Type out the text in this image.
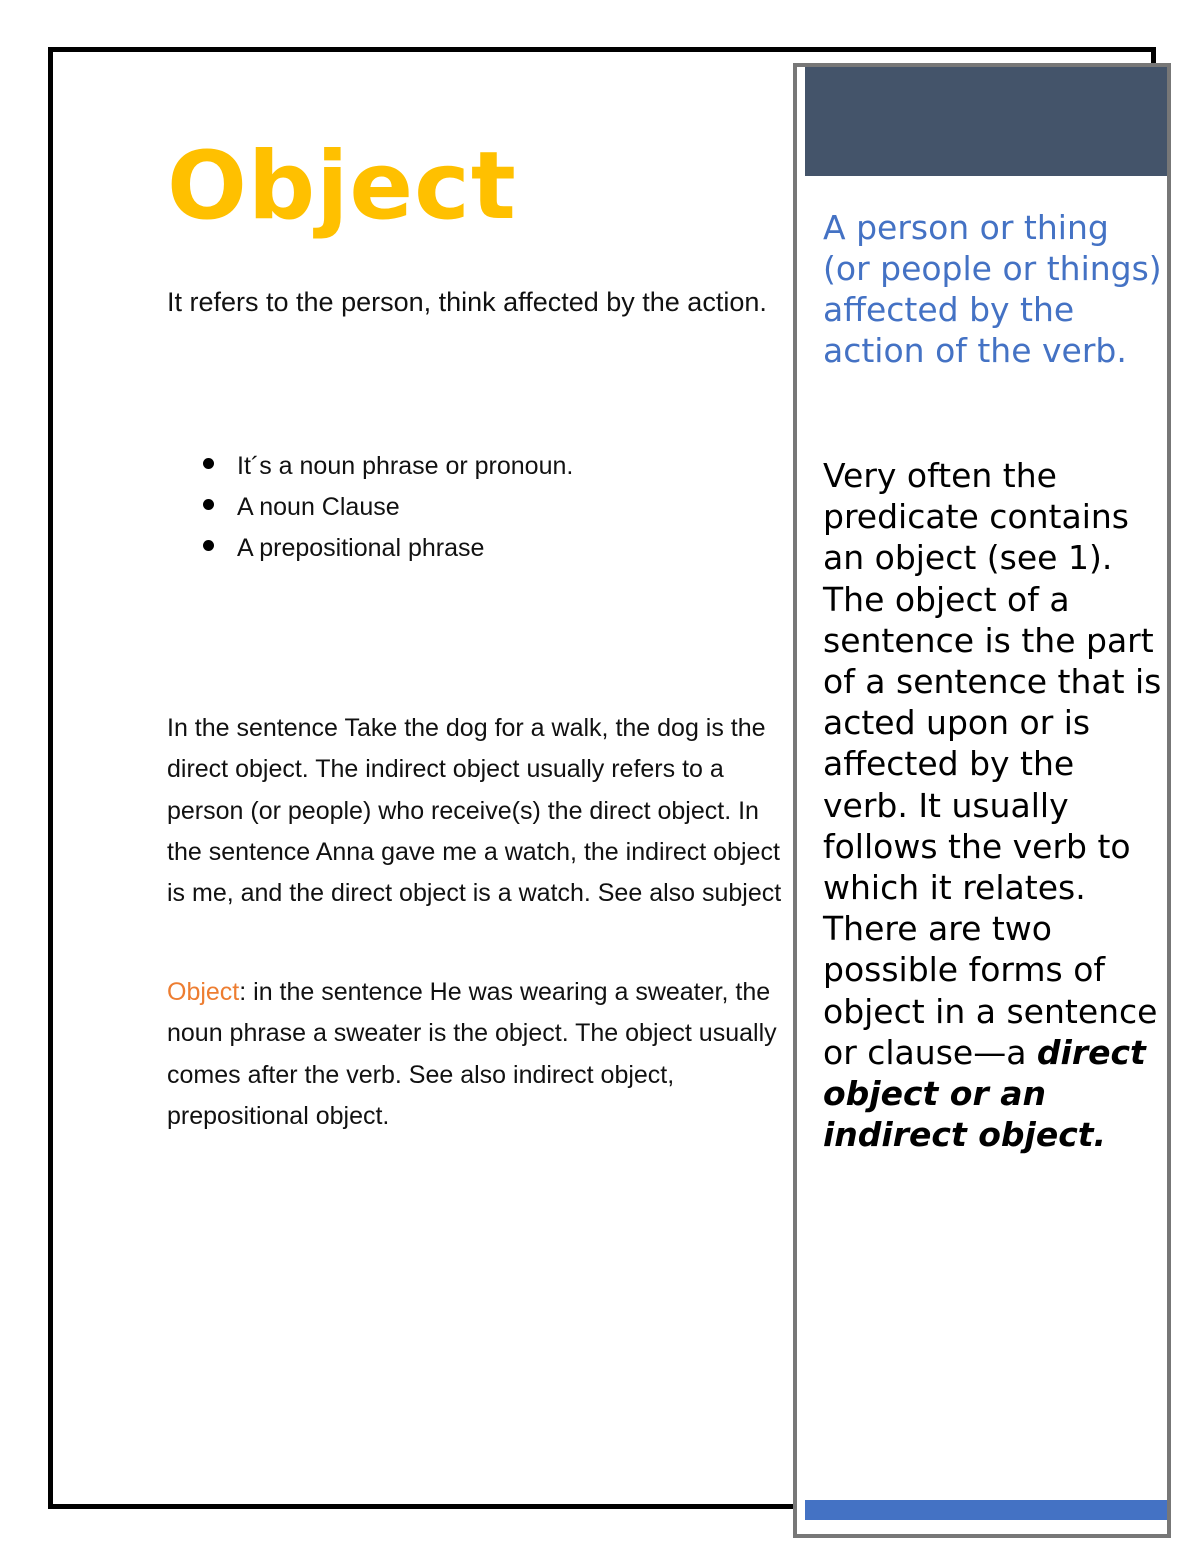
Object

It refers to the person, think affected by the action.

It´s a noun phrase or pronoun.
A noun Clause
A prepositional phrase

In the sentence Take the dog for a walk, the dog is the direct object. The indirect object usually refers to a person (or people) who receive(s) the direct object. In the sentence Anna gave me a watch, the indirect object is me, and the direct object is a watch. See also subject

Object: in the sentence He was wearing a sweater, the noun phrase a sweater is the object. The object usually comes after the verb. See also indirect object, prepositional object.

A person or thing (or people or things) affected by the action of the verb.

Very often the predicate contains an object (see 1). The object of a sentence is the part of a sentence that is acted upon or is affected by the verb. It usually follows the verb to which it relates. There are two possible forms of object in a sentence or clause—a direct object or an indirect object.
